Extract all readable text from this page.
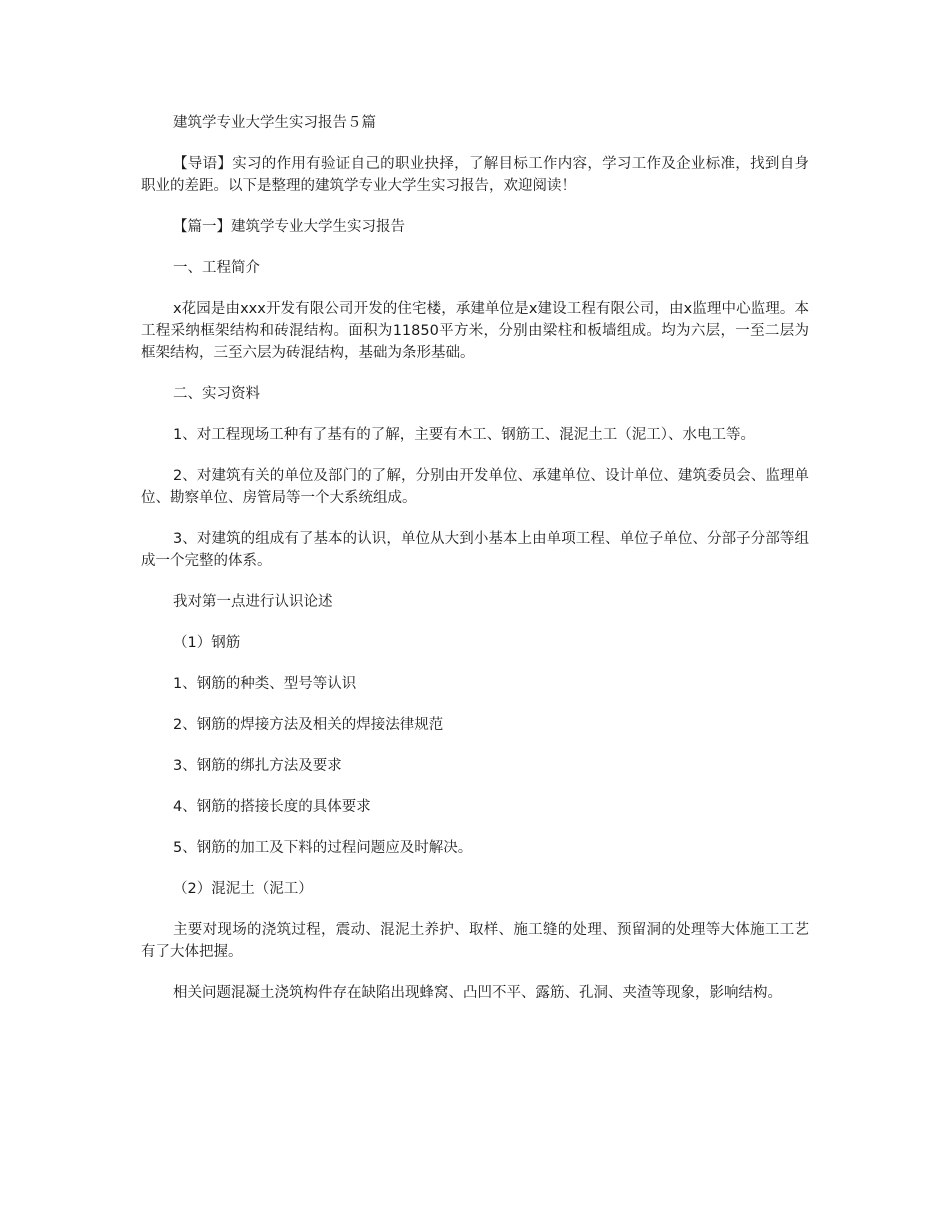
建筑学专业大学生实习报告５篇

【导语】实习的作用有验证自己的职业抉择，了解目标工作内容，学习工作及企业标准，找到自身职业的差距。以下是整理的建筑学专业大学生实习报告，欢迎阅读！

【篇一】建筑学专业大学生实习报告

一、工程简介

x花园是由xxx开发有限公司开发的住宅楼，承建单位是x建设工程有限公司，由x监理中心监理。本工程采纳框架结构和砖混结构。面积为11850平方米，分别由梁柱和板墙组成。均为六层，一至二层为框架结构，三至六层为砖混结构，基础为条形基础。

二、实习资料

1、对工程现场工种有了基有的了解，主要有木工、钢筋工、混泥土工（泥工）、水电工等。

2、对建筑有关的单位及部门的了解，分别由开发单位、承建单位、设计单位、建筑委员会、监理单位、勘察单位、房管局等一个大系统组成。

3、对建筑的组成有了基本的认识，单位从大到小基本上由单项工程、单位子单位、分部子分部等组成一个完整的体系。

我对第一点进行认识论述

（1）钢筋

1、钢筋的种类、型号等认识

2、钢筋的焊接方法及相关的焊接法律规范

3、钢筋的绑扎方法及要求

4、钢筋的搭接长度的具体要求

5、钢筋的加工及下料的过程问题应及时解决。

（2）混泥土（泥工）

主要对现场的浇筑过程，震动、混泥土养护、取样、施工缝的处理、预留洞的处理等大体施工工艺有了大体把握。

相关问题混凝土浇筑构件存在缺陷出现蜂窝、凸凹不平、露筋、孔洞、夹渣等现象，影响结构。
